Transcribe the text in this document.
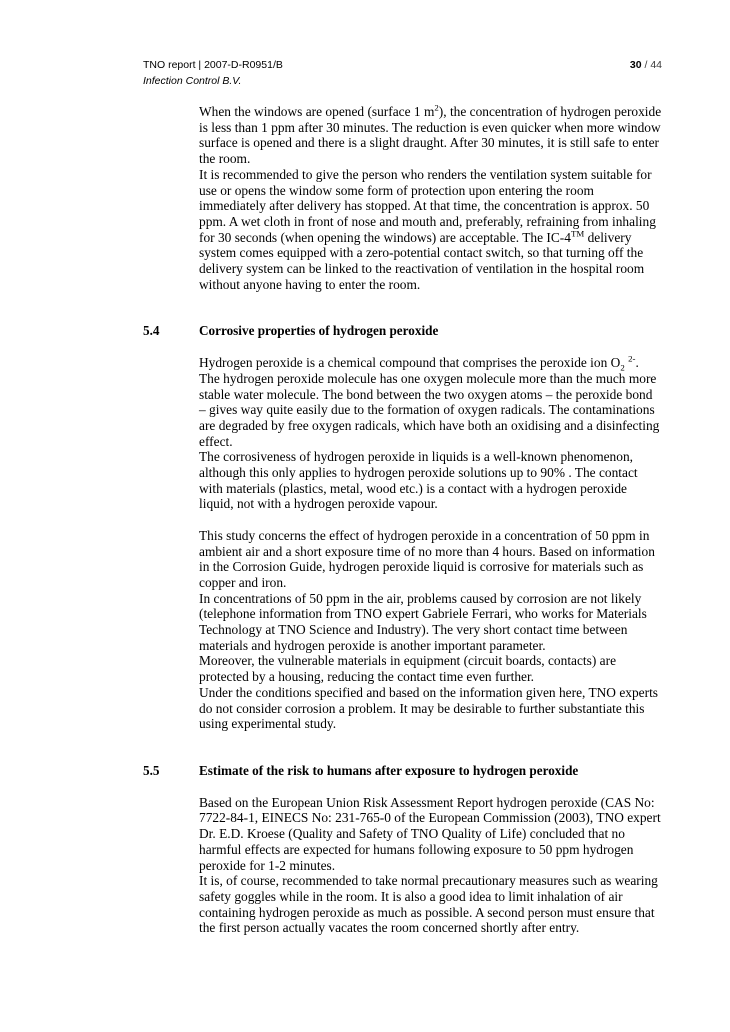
TNO report | 2007-D-R0951/B	30 / 44
Infection Control B.V.

When the windows are opened (surface 1 $m^2$), the concentration of hydrogen peroxide is less than 1 ppm after 30 minutes. The reduction is even quicker when more window surface is opened and there is a slight draught. After 30 minutes, it is still safe to enter the room.

It is recommended to give the person who renders the ventilation system suitable for use or opens the window some form of protection upon entering the room immediately after delivery has stopped. At that time, the concentration is approx. 50 ppm. A wet cloth in front of nose and mouth and, preferably, refraining from inhaling for 30 seconds (when opening the windows) are acceptable. The IC-4™ delivery system comes equipped with a zero-potential contact switch, so that turning off the delivery system can be linked to the reactivation of ventilation in the hospital room without anyone having to enter the room.

5.4	Corrosive properties of hydrogen peroxide

Hydrogen peroxide is a chemical compound that comprises the peroxide ion $O_2$ $^{2-}$. The hydrogen peroxide molecule has one oxygen molecule more than the much more stable water molecule. The bond between the two oxygen atoms – the peroxide bond – gives way quite easily due to the formation of oxygen radicals. The contaminations are degraded by free oxygen radicals, which have both an oxidising and a disinfecting effect.

The corrosiveness of hydrogen peroxide in liquids is a well-known phenomenon, although this only applies to hydrogen peroxide solutions up to 90% . The contact with materials (plastics, metal, wood etc.) is a contact with a hydrogen peroxide liquid, not with a hydrogen peroxide vapour.

This study concerns the effect of hydrogen peroxide in a concentration of 50 ppm in ambient air and a short exposure time of no more than 4 hours. Based on information in the Corrosion Guide, hydrogen peroxide liquid is corrosive for materials such as copper and iron.

In concentrations of 50 ppm in the air, problems caused by corrosion are not likely (telephone information from TNO expert Gabriele Ferrari, who works for Materials Technology at TNO Science and Industry). The very short contact time between materials and hydrogen peroxide is another important parameter.

Moreover, the vulnerable materials in equipment (circuit boards, contacts) are protected by a housing, reducing the contact time even further.

Under the conditions specified and based on the information given here, TNO experts do not consider corrosion a problem. It may be desirable to further substantiate this using experimental study.

5.5	Estimate of the risk to humans after exposure to hydrogen peroxide

Based on the European Union Risk Assessment Report hydrogen peroxide (CAS No: 7722-84-1, EINECS No: 231-765-0 of the European Commission (2003), TNO expert Dr. E.D. Kroese (Quality and Safety of TNO Quality of Life) concluded that no harmful effects are expected for humans following exposure to 50 ppm hydrogen peroxide for 1-2 minutes.

It is, of course, recommended to take normal precautionary measures such as wearing safety goggles while in the room. It is also a good idea to limit inhalation of air containing hydrogen peroxide as much as possible. A second person must ensure that the first person actually vacates the room concerned shortly after entry.
